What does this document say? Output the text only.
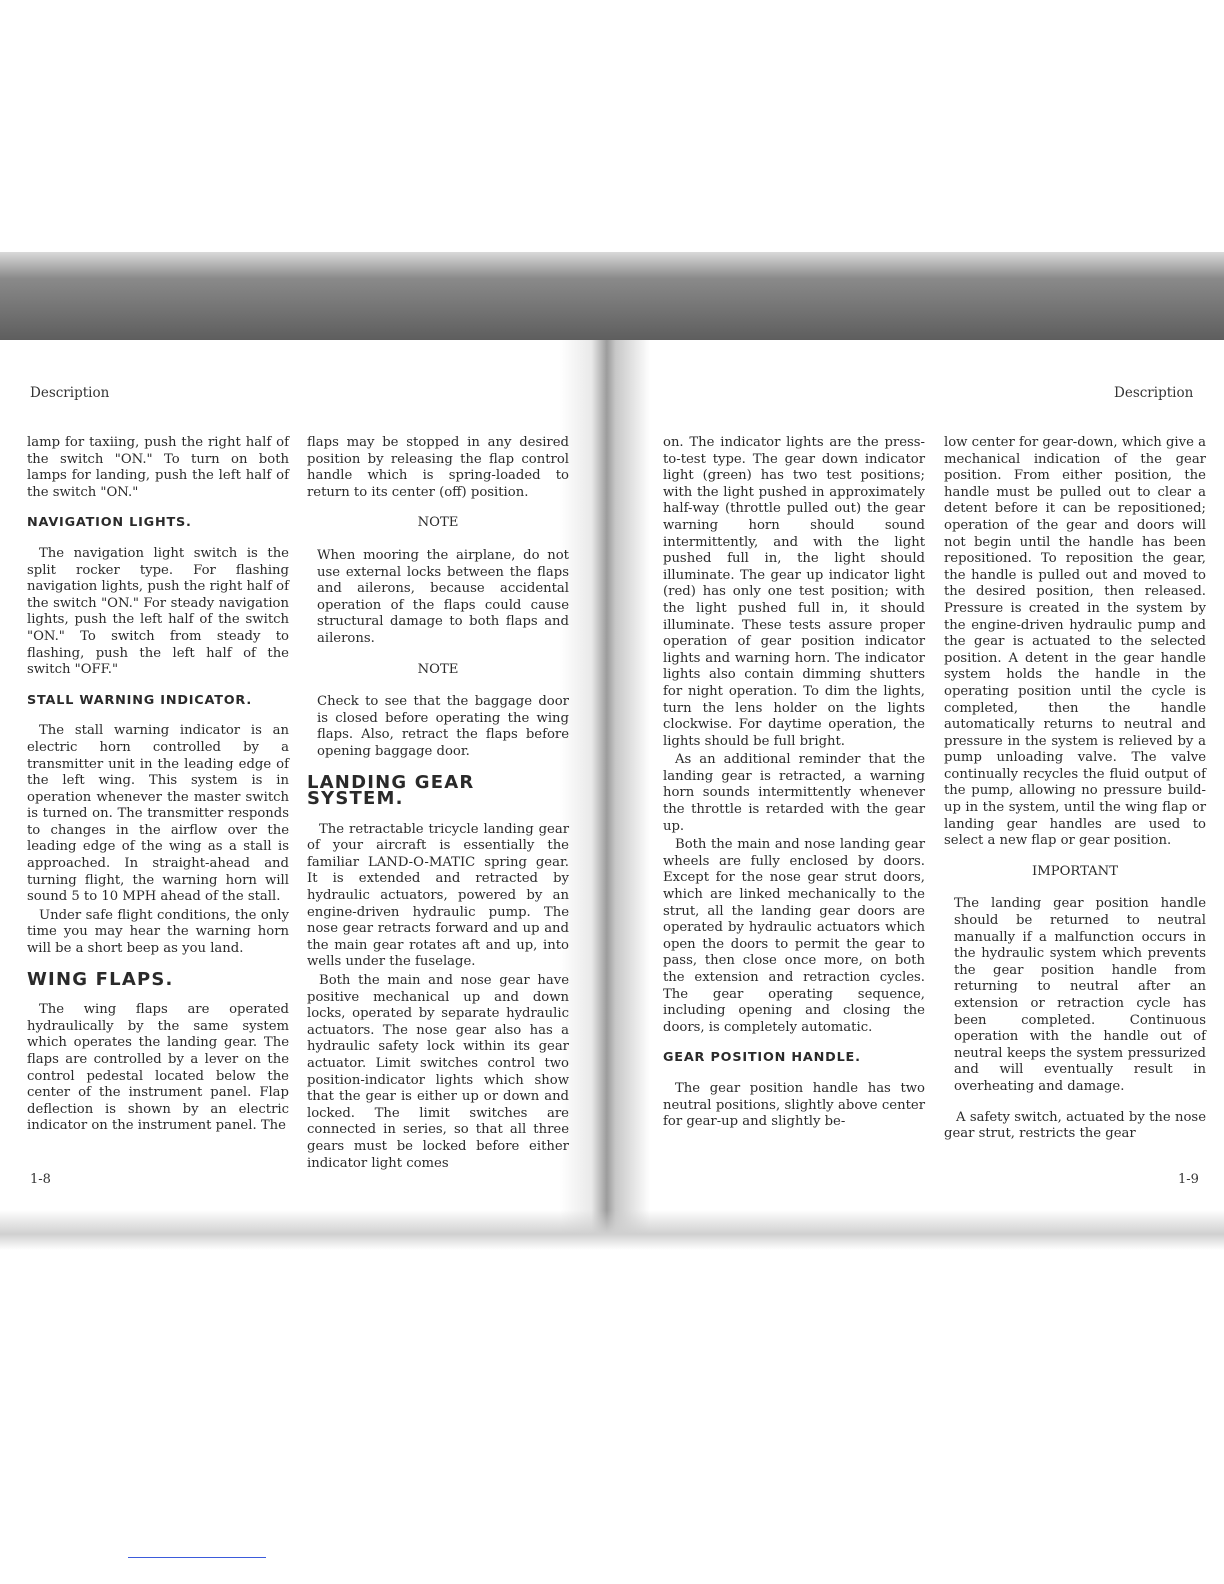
Description

lamp for taxiing, push the right half of the switch "ON." To turn on both lamps for landing, push the left half of the switch "ON."

NAVIGATION LIGHTS.

The navigation light switch is the split rocker type. For flashing navigation lights, push the right half of the switch "ON." For steady navigation lights, push the left half of the switch "ON." To switch from steady to flashing, push the left half of the switch "OFF."

STALL WARNING INDICATOR.

The stall warning indicator is an electric horn controlled by a transmitter unit in the leading edge of the left wing. This system is in operation whenever the master switch is turned on. The transmitter responds to changes in the airflow over the leading edge of the wing as a stall is approached. In straight-ahead and turning flight, the warning horn will sound 5 to 10 MPH ahead of the stall.

Under safe flight conditions, the only time you may hear the warning horn will be a short beep as you land.

WING FLAPS.

The wing flaps are operated hydraulically by the same system which operates the landing gear. The flaps are controlled by a lever on the control pedestal located below the center of the instrument panel. Flap deflection is shown by an electric indicator on the instrument panel. The

flaps may be stopped in any desired position by releasing the flap control handle which is spring-loaded to return to its center (off) position.

NOTE
When mooring the airplane, do not use external locks between the flaps and ailerons, because accidental operation of the flaps could cause structural damage to both flaps and ailerons.
NOTE
Check to see that the baggage door is closed before operating the wing flaps. Also, retract the flaps before opening baggage door.
LANDING GEAR SYSTEM.

The retractable tricycle landing gear of your aircraft is essentially the familiar LAND-O-MATIC spring gear. It is extended and retracted by hydraulic actuators, powered by an engine-driven hydraulic pump. The nose gear retracts forward and up and the main gear rotates aft and up, into wells under the fuselage.

Both the main and nose gear have positive mechanical up and down locks, operated by separate hydraulic actuators. The nose gear also has a hydraulic safety lock within its gear actuator. Limit switches control two position-indicator lights which show that the gear is either up or down and locked. The limit switches are connected in series, so that all three gears must be locked before either indicator light comes

1-8
Description

on. The indicator lights are the press-to-test type. The gear down indicator light (green) has two test positions; with the light pushed in approximately half-way (throttle pulled out) the gear warning horn should sound intermittently, and with the light pushed full in, the light should illuminate. The gear up indicator light (red) has only one test position; with the light pushed full in, it should illuminate. These tests assure proper operation of gear position indicator lights and warning horn. The indicator lights also contain dimming shutters for night operation. To dim the lights, turn the lens holder on the lights clockwise. For daytime operation, the lights should be full bright.

As an additional reminder that the landing gear is retracted, a warning horn sounds intermittently whenever the throttle is retarded with the gear up.

Both the main and nose landing gear wheels are fully enclosed by doors. Except for the nose gear strut doors, which are linked mechanically to the strut, all the landing gear doors are operated by hydraulic actuators which open the doors to permit the gear to pass, then close once more, on both the extension and retraction cycles. The gear operating sequence, including opening and closing the doors, is completely automatic.

GEAR POSITION HANDLE.

The gear position handle has two neutral positions, slightly above center for gear-up and slightly be-

low center for gear-down, which give a mechanical indication of the gear position. From either position, the handle must be pulled out to clear a detent before it can be repositioned; operation of the gear and doors will not begin until the handle has been repositioned. To reposition the gear, the handle is pulled out and moved to the desired position, then released. Pressure is created in the system by the engine-driven hydraulic pump and the gear is actuated to the selected position. A detent in the gear handle system holds the handle in the operating position until the cycle is completed, then the handle automatically returns to neutral and pressure in the system is relieved by a pump unloading valve. The valve continually recycles the fluid output of the pump, allowing no pressure build-up in the system, until the wing flap or landing gear handles are used to select a new flap or gear position.

IMPORTANT
The landing gear position handle should be returned to neutral manually if a malfunction occurs in the hydraulic system which prevents the gear position handle from returning to neutral after an extension or retraction cycle has been completed. Continuous operation with the handle out of neutral keeps the system pressurized and will eventually result in overheating and damage.

A safety switch, actuated by the nose gear strut, restricts the gear

1-9
